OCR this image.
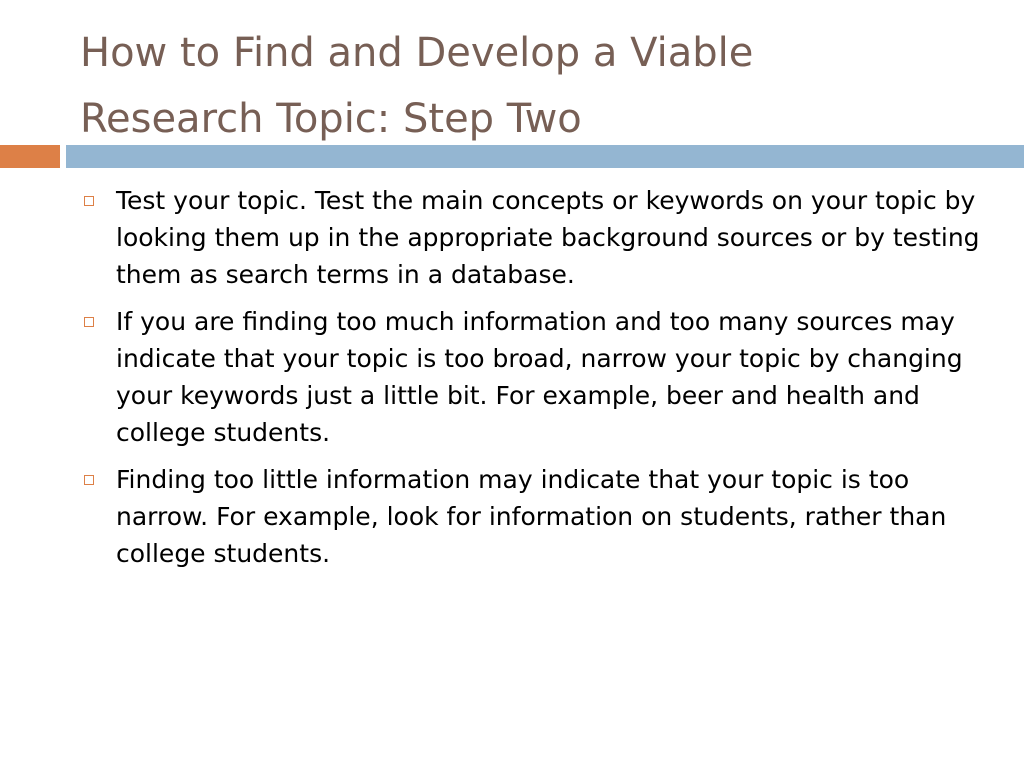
How to Find and Develop a Viable
Research Topic: Step Two
Test your topic. Test the main concepts or keywords on your topic by looking them up in the appropriate background sources or by testing them as search terms in a database.
If you are finding too much information and too many sources may indicate that your topic is too broad, narrow your topic by changing your keywords just a little bit. For example, beer and health and college students.
Finding too little information may indicate that your topic is too narrow. For example, look for information on students, rather than college students.
